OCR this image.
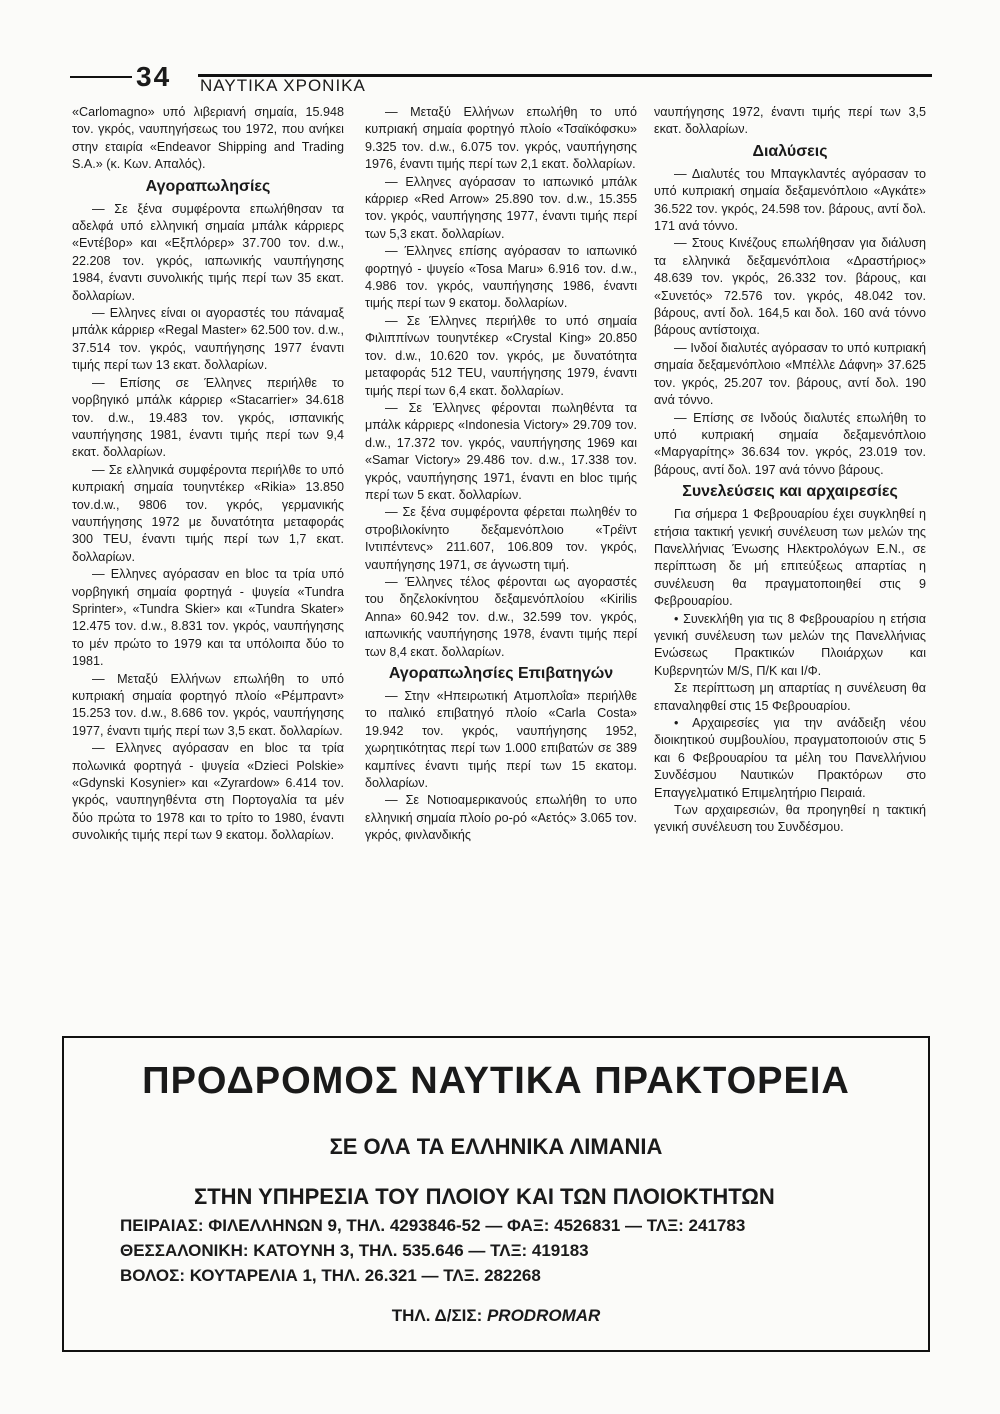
34 ΝΑΥΤΙΚΑ ΧΡΟΝΙΚΑ

«Carlomagno» υπό λιβεριανή σημαία, 15.948 τον. γκρός, ναυπηγήσεως του 1972, που ανήκει στην εταιρία «Endeavor Shipping and Trading S.A.» (κ. Κων. Απαλός).

Αγοραπωλησίες

— Σε ξένα συμφέροντα επωλήθησαν τα αδελφά υπό ελληνική σημαία μπάλκ κάρριερς «Εντέβορ» και «Εξπλόρερ» 37.700 τον. d.w., 22.208 τον. γκρός, ιαπωνικής ναυπήγησης 1984, έναντι συνολικής τιμής περί των 35 εκατ. δολλαρίων.

— Ελληνες είναι οι αγοραστές του πάναμαξ μπάλκ κάρριερ «Regal Master» 62.500 τον. d.w., 37.514 τον. γκρός, ναυπήγησης 1977 έναντι τιμής περί των 13 εκατ. δολλαρίων.

— Επίσης σε Έλληνες περιήλθε το νορβηγικό μπάλκ κάρριερ «Stacarrier» 34.618 τον. d.w., 19.483 τον. γκρός, ισπανικής ναυπήγησης 1981, έναντι τιμής περί των 9,4 εκατ. δολλαρίων.

— Σε ελληνικά συμφέροντα περιήλθε το υπό κυπριακή σημαία τουηντέκερ «Rikia» 13.850 τον.d.w., 9806 τον. γκρός, γερμανικής ναυπήγησης 1972 με δυνατότητα μεταφοράς 300 TEU, έναντι τιμής περί των 1,7 εκατ. δολλαρίων.

— Ελληνες αγόρασαν en bloc τα τρία υπό νορβηγική σημαία φορτηγά - ψυγεία «Tundra Sprinter», «Tundra Skier» και «Tundra Skater» 12.475 τον. d.w., 8.831 τον. γκρός, ναυπήγησης το μέν πρώτο το 1979 και τα υπόλοιπα δύο το 1981.

— Μεταξύ Ελλήνων επωλήθη το υπό κυπριακή σημαία φορτηγό πλοίο «Ρέμπραντ» 15.253 τον. d.w., 8.686 τον. γκρός, ναυπήγησης 1977, έναντι τιμής περί των 3,5 εκατ. δολλαρίων.

— Ελληνες αγόρασαν en bloc τα τρία πολωνικά φορτηγά - ψυγεία «Dzieci Polskie» «Gdynski Kosynier» και «Zyrardow» 6.414 τον. γκρός, ναυπηγηθέντα στη Πορτογαλία τα μέν δύο πρώτα το 1978 και το τρίτο το 1980, έναντι συνολικής τιμής περί των 9 εκατομ. δολλαρίων.

— Μεταξύ Ελλήνων επωλήθη το υπό κυπριακή σημαία φορτηγό πλοίο «Τσαϊκόφσκυ» 9.325 τον. d.w., 6.075 τον. γκρός, ναυπήγησης 1976, έναντι τιμής περί των 2,1 εκατ. δολλαρίων.

— Ελληνες αγόρασαν το ιαπωνικό μπάλκ κάρριερ «Red Arrow» 25.890 τον. d.w., 15.355 τον. γκρός, ναυπήγησης 1977, έναντι τιμής περί των 5,3 εκατ. δολλαρίων.

— Έλληνες επίσης αγόρασαν το ιαπωνικό φορτηγό - ψυγείο «Tosa Maru» 6.916 τον. d.w., 4.986 τον. γκρός, ναυπήγησης 1986, έναντι τιμής περί των 9 εκατομ. δολλαρίων.

— Σε Έλληνες περιήλθε το υπό σημαία Φιλιππίνων τουηντέκερ «Crystal King» 20.850 τον. d.w., 10.620 τον. γκρός, με δυνατότητα μεταφοράς 512 TEU, ναυπήγησης 1979, έναντι τιμής περί των 6,4 εκατ. δολλαρίων.

— Σε Έλληνες φέρονται πωληθέντα τα μπάλκ κάρριερς «Indonesia Victory» 29.709 τον. d.w., 17.372 τον. γκρός, ναυπήγησης 1969 και «Samar Victory» 29.486 τον. d.w., 17.338 τον. γκρός, ναυπήγησης 1971, έναντι en bloc τιμής περί των 5 εκατ. δολλαρίων.

— Σε ξένα συμφέροντα φέρεται πωληθέν το στροβιλοκίνητο δεξαμενόπλοιο «Τρέϊντ Ιντιπέντενς» 211.607, 106.809 τον. γκρός, ναυπήγησης 1971, σε άγνωστη τιμή.

— Έλληνες τέλος φέρονται ως αγοραστές του δηζελοκίνητου δεξαμενόπλοίου «Kirilis Anna» 60.942 τον. d.w., 32.599 τον. γκρός, ιαπωνικής ναυπήγησης 1978, έναντι τιμής περί των 8,4 εκατ. δολλαρίων.

Αγοραπωλησίες Επιβατηγών

— Στην «Ηπειρωτική Ατμοπλοΐα» περιήλθε το ιταλικό επιβατηγό πλοίο «Carla Costa» 19.942 τον. γκρός, ναυπήγησης 1952, χωρητικότητας περί των 1.000 επιβατών σε 389 καμπίνες έναντι τιμής περί των 15 εκατομ. δολλαρίων.

— Σε Νοτιοαμερικανούς επωλήθη το υπο ελληνική σημαία πλοίο ρο-ρό «Αετός» 3.065 τον. γκρός, φινλανδικής

ναυπήγησης 1972, έναντι τιμής περί των 3,5 εκατ. δολλαρίων.

Διαλύσεις

— Διαλυτές του Μπαγκλαντές αγόρασαν το υπό κυπριακή σημαία δεξαμενόπλοιο «Αγκάτε» 36.522 τον. γκρός, 24.598 τον. βάρους, αντί δολ. 171 ανά τόννο.

— Στους Κινέζους επωλήθησαν για διάλυση τα ελληνικά δεξαμενόπλοια «Δραστήριος» 48.639 τον. γκρός, 26.332 τον. βάρους, και «Συνετός» 72.576 τον. γκρός, 48.042 τον. βάρους, αντί δολ. 164,5 και δολ. 160 ανά τόννο βάρους αντίστοιχα.

— Ινδοί διαλυτές αγόρασαν το υπό κυπριακή σημαία δεξαμενόπλοιο «Μπέλλε Δάφνη» 37.625 τον. γκρός, 25.207 τον. βάρους, αντί δολ. 190 ανά τόννο.

— Επίσης σε Ινδούς διαλυτές επωλήθη το υπό κυπριακή σημαία δεξαμενόπλοιο «Μαργαρίτης» 36.634 τον. γκρός, 23.019 τον. βάρους, αντί δολ. 197 ανά τόννο βάρους.

Συνελεύσεις και αρχαιρεσίες

Για σήμερα 1 Φεβρουαρίου έχει συγκληθεί η ετήσια τακτική γενική συνέλευση των μελών της Πανελλήνιας Ένωσης Ηλεκτρολόγων Ε.Ν., σε περίπτωση δε μή επιτεύξεως απαρτίας η συνέλευση θα πραγματοποιηθεί στις 9 Φεβρουαρίου.

• Συνεκλήθη για τις 8 Φεβρουαρίου η ετήσια γενική συνέλευση των μελών της Πανελλήνιας Ενώσεως Πρακτικών Πλοιάρχων και Κυβερνητών M/S, Π/Κ και Ι/Φ.

Σε περίπτωση μη απαρτίας η συνέλευση θα επαναληφθεί στις 15 Φεβρουαρίου.

• Αρχαιρεσίες για την ανάδειξη νέου διοικητικού συμβουλίου, πραγματοποιούν στις 5 και 6 Φεβρουαρίου τα μέλη του Πανελλήνιου Συνδέσμου Ναυτικών Πρακτόρων στο Επαγγελματικό Επιμελητήριο Πειραιά.

Των αρχαιρεσιών, θα προηγηθεί η τακτική γενική συνέλευση του Συνδέσμου.

ΠΡΟΔΡΟΜΟΣ ΝΑΥΤΙΚΑ ΠΡΑΚΤΟΡΕΙΑ
ΣΕ ΟΛΑ ΤΑ ΕΛΛΗΝΙΚΑ ΛΙΜΑΝΙΑ
ΣΤΗΝ ΥΠΗΡΕΣΙΑ ΤΟΥ ΠΛΟΙΟΥ ΚΑΙ ΤΩΝ ΠΛΟΙΟΚΤΗΤΩΝ
ΠΕΙΡΑΙΑΣ: ΦΙΛΕΛΛΗΝΩΝ 9, ΤΗΛ. 4293846-52 — ΦΑΞ: 4526831 — ΤΛΞ: 241783
ΘΕΣΣΑΛΟΝΙΚΗ: ΚΑΤΟΥΝΗ 3, ΤΗΛ. 535.646 — ΤΛΞ: 419183
ΒΟΛΟΣ: ΚΟΥΤΑΡΕΛΙΑ 1, ΤΗΛ. 26.321 — ΤΛΞ. 282268
ΤΗΛ. Δ/ΣΙΣ: PRODROMAR
